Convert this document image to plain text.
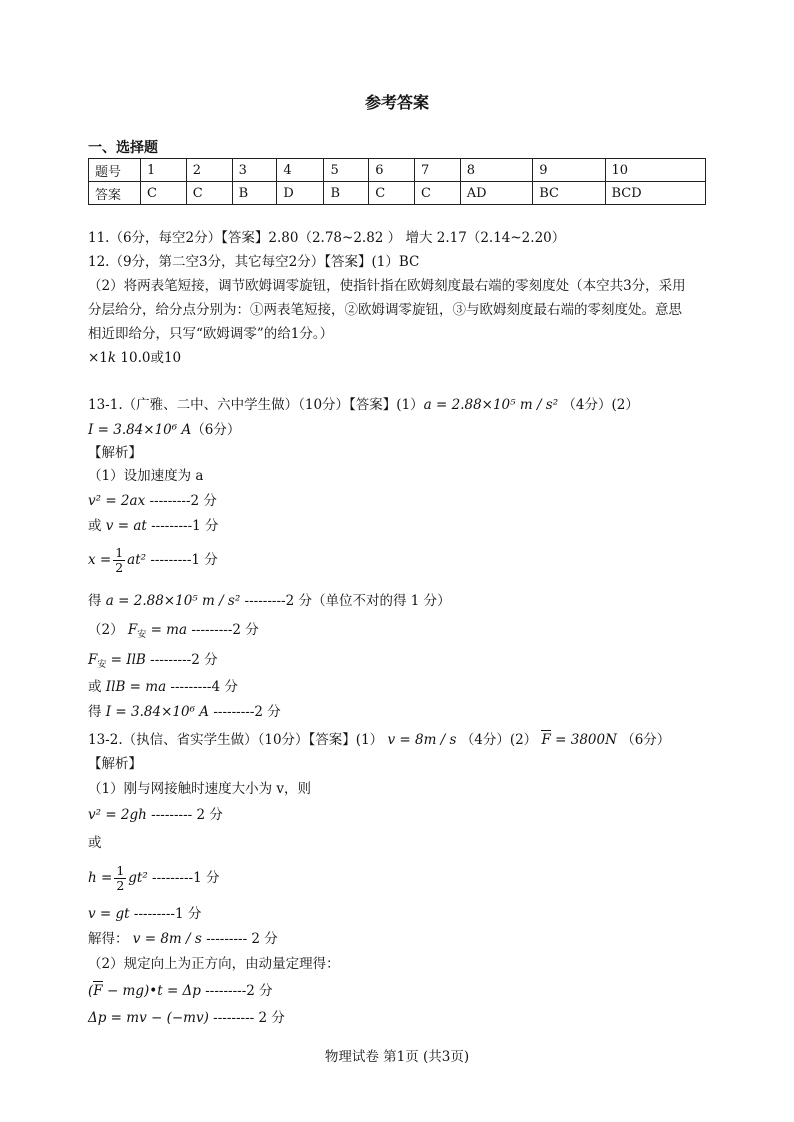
参考答案
一、选择题
题号	1	2	3	4	5	6	7	8	9	10
答案	C	C	B	D	B	C	C	AD	BC	BCD
11.（6分，每空2分）【答案】2.80（2.78~2.82 ） 增大 2.17（2.14~2.20）
12.（9分，第二空3分，其它每空2分）【答案】(1）BC
（2）将两表笔短接，调节欧姆调零旋钮，使指针指在欧姆刻度最右端的零刻度处（本空共3分，采用
分层给分，给分点分别为：①两表笔短接，②欧姆调零旋钮，③与欧姆刻度最右端的零刻度处。意思
相近即给分，只写“欧姆调零”的给1分。）
×1k 10.0或10
13-1.（广雅、二中、六中学生做）（10分）【答案】(1）a = 2.88×10⁵ m / s² （4分）(2）
I = 3.84×10⁶ A（6分）
【解析】
（1）设加速度为 a
v² = 2ax ---------2 分
或 v = at ---------1 分
$x = \frac{1}{2} at^2$ ---------1 分
得 a = 2.88×10⁵ m / s² ---------2 分（单位不对的得 1 分）
（2） $F_安$ = ma ---------2 分
$F_安$ = IlB ---------2 分
或 IlB = ma ---------4 分
得 I = 3.84×10⁶ A ---------2 分
13-2.（执信、省实学生做）（10分）【答案】(1） v = 8m / s （4分）(2） F = 3800N （6分）
【解析】
（1）刚与网接触时速度大小为 v，则
v² = 2gh --------- 2 分
或
$h = \frac{1}{2} gt^2$ ---------1 分
v = gt ---------1 分
解得： v = 8m / s --------- 2 分
（2）规定向上为正方向，由动量定理得：
(F − mg)•t = Δp ---------2 分
Δp = mv − (−mv) --------- 2 分
物理试卷 第1页 (共3页)
